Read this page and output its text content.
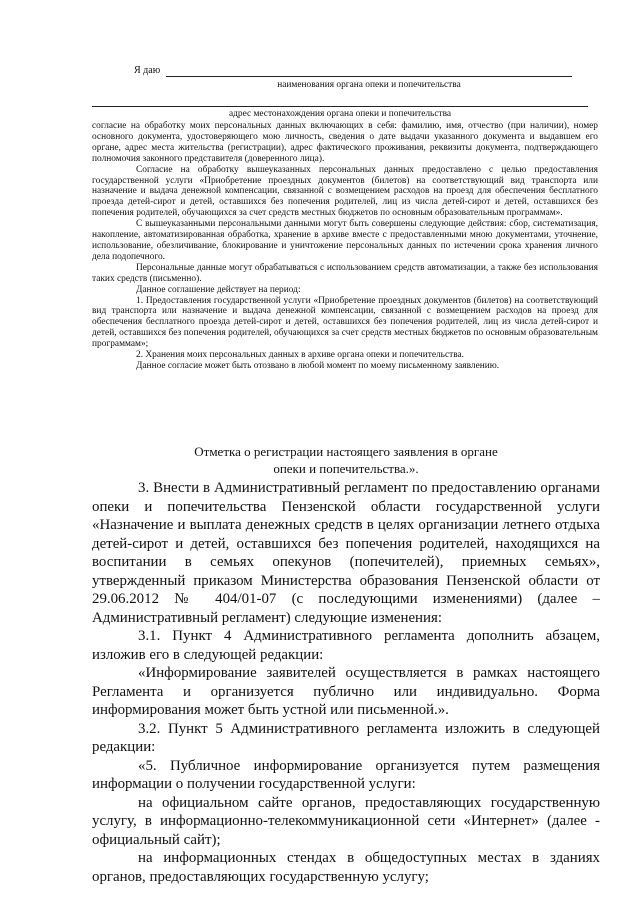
Я даю
наименования органа опеки и попечительства
адрес местонахождения органа опеки и попечительства

согласие на обработку моих персональных данных включающих в себя: фамилию, имя, отчество (при наличии), номер основного документа, удостоверяющего мою личность, сведения о дате выдачи указанного документа и выдавшем его органе, адрес места жительства (регистрации), адрес фактического проживания, реквизиты документа, подтверждающего полномочия законного представителя (доверенного лица).

Согласие на обработку вышеуказанных персональных данных предоставлено с целью предоставления государственной услуги «Приобретение проездных документов (билетов) на соответствующий вид транспорта или назначение и выдача денежной компенсации, связанной с возмещением расходов на проезд для обеспечения бесплатного проезда детей-сирот и детей, оставшихся без попечения родителей, лиц из числа детей-сирот и детей, оставшихся без попечения родителей, обучающихся за счет средств местных бюджетов по основным образовательным программам».

С вышеуказанными персональными данными могут быть совершены следующие действия: сбор, систематизация, накопление, автоматизированная обработка, хранение в архиве вместе с предоставленными мною документами, уточнение, использование, обезличивание, блокирование и уничтожение персональных данных по истечении срока хранения личного дела подопечного.

Персональные данные могут обрабатываться с использованием средств автоматизации, а также без использования таких средств (письменно).

Данное соглашение действует на период:

1. Предоставления государственной услуги «Приобретение проездных документов (билетов) на соответствующий вид транспорта или назначение и выдача денежной компенсации, связанной с возмещением расходов на проезд для обеспечения бесплатного проезда детей-сирот и детей, оставшихся без попечения родителей, лиц из числа детей-сирот и детей, оставшихся без попечения родителей, обучающихся за счет средств местных бюджетов по основным образовательным программам»;

2. Хранения моих персональных данных в архиве органа опеки и попечительства.

Данное согласие может быть отозвано в любой момент по моему письменному заявлению.

Отметка о регистрации настоящего заявления в органе
опеки и попечительства.».

3. Внести в Административный регламент по предоставлению органами опеки и попечительства Пензенской области государственной услуги «Назначение и выплата денежных средств в целях организации летнего отдыха детей-сирот и детей, оставшихся без попечения родителей, находящихся на воспитании в семьях опекунов (попечителей), приемных семьях», утвержденный приказом Министерства образования Пензенской области от 29.06.2012 № 404/01-07 (с последующими изменениями) (далее – Административный регламент) следующие изменения:

3.1. Пункт 4 Административного регламента дополнить абзацем, изложив его в следующей редакции:

«Информирование заявителей осуществляется в рамках настоящего Регламента и организуется публично или индивидуально. Форма информирования может быть устной или письменной.».

3.2. Пункт 5 Административного регламента изложить в следующей редакции:

«5. Публичное информирование организуется путем размещения информации о получении государственной услуги:

на официальном сайте органов, предоставляющих государственную услугу, в информационно-телекоммуникационной сети «Интернет» (далее - официальный сайт);

на информационных стендах в общедоступных местах в зданиях органов, предоставляющих государственную услугу;
